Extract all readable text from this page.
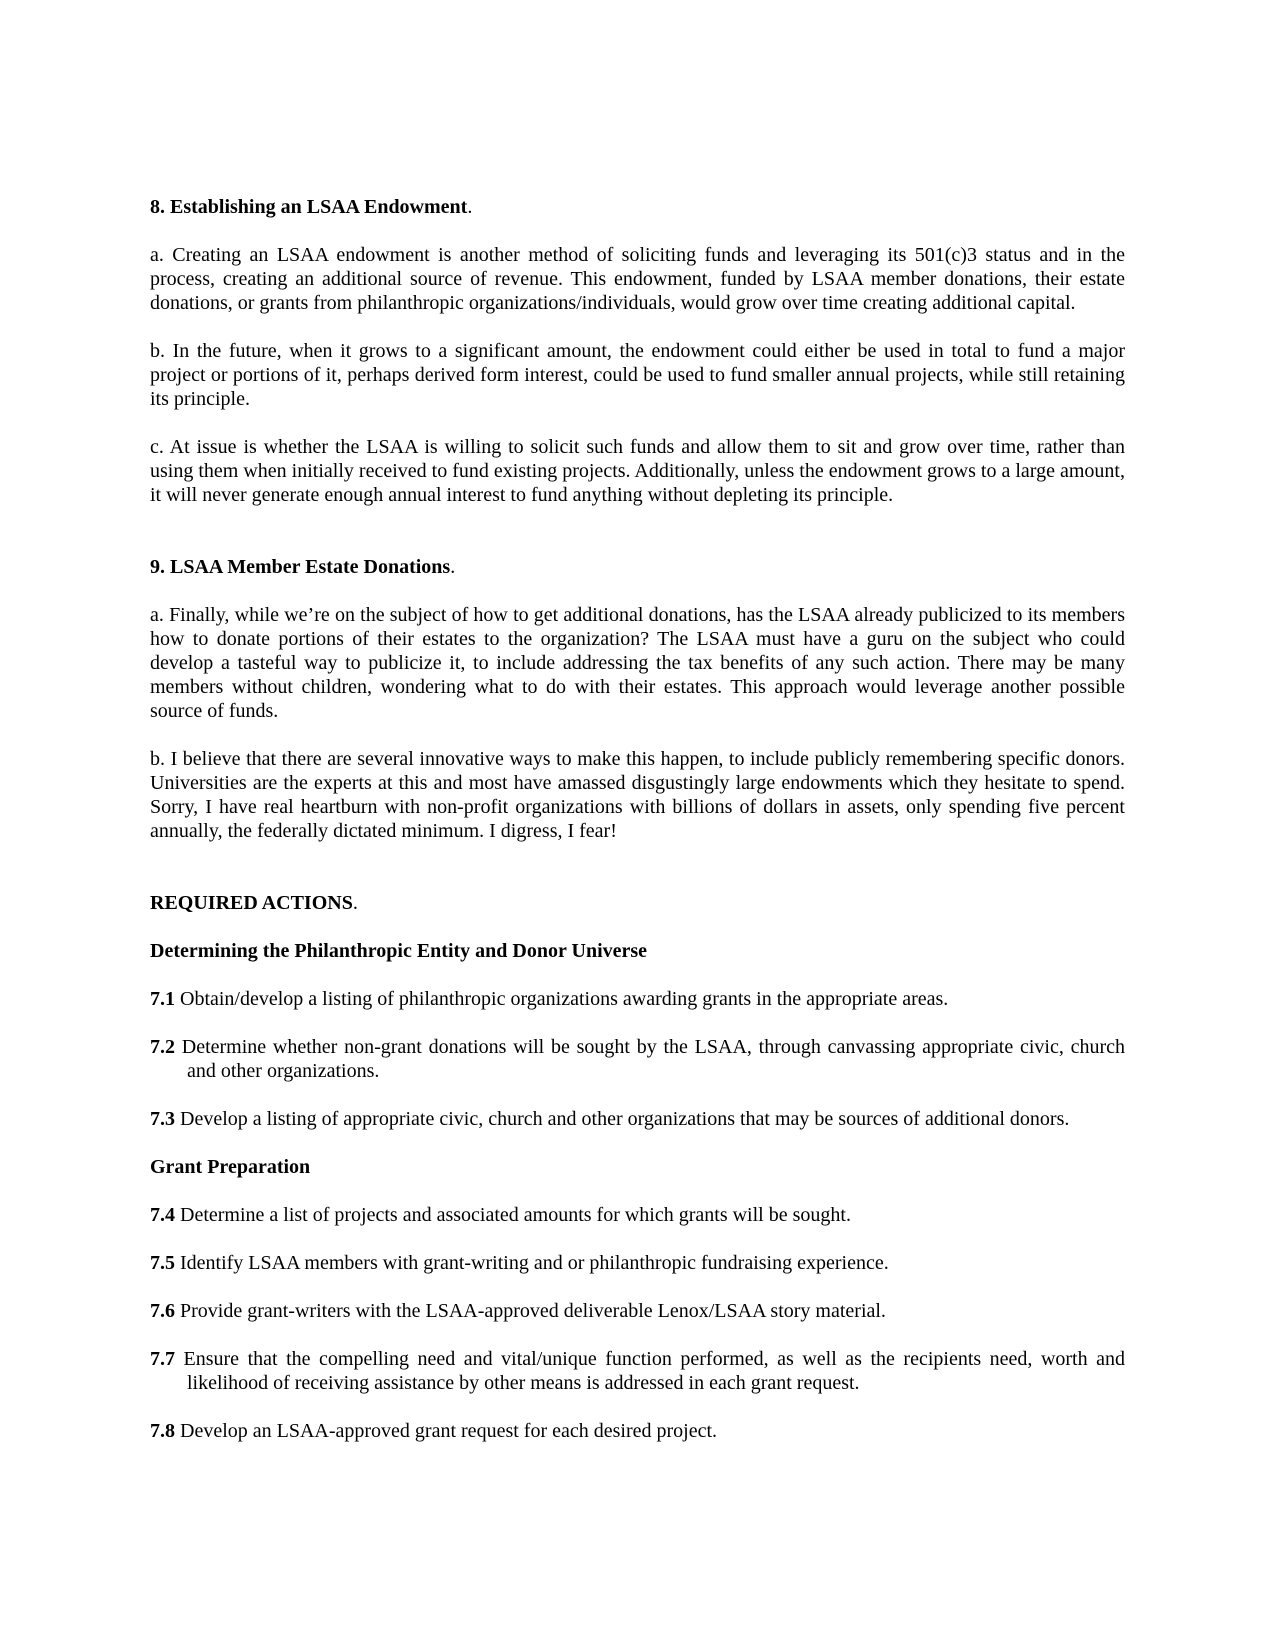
8. Establishing an LSAA Endowment.

a. Creating an LSAA endowment is another method of soliciting funds and leveraging its 501(c)3 status and in the process, creating an additional source of revenue. This endowment, funded by LSAA member donations, their estate donations, or grants from philanthropic organizations/individuals, would grow over time creating additional capital.

b. In the future, when it grows to a significant amount, the endowment could either be used in total to fund a major project or portions of it, perhaps derived form interest, could be used to fund smaller annual projects, while still retaining its principle.

c. At issue is whether the LSAA is willing to solicit such funds and allow them to sit and grow over time, rather than using them when initially received to fund existing projects. Additionally, unless the endowment grows to a large amount, it will never generate enough annual interest to fund anything without depleting its principle.

9. LSAA Member Estate Donations.

a. Finally, while we’re on the subject of how to get additional donations, has the LSAA already publicized to its members how to donate portions of their estates to the organization? The LSAA must have a guru on the subject who could develop a tasteful way to publicize it, to include addressing the tax benefits of any such action. There may be many members without children, wondering what to do with their estates. This approach would leverage another possible source of funds.

b. I believe that there are several innovative ways to make this happen, to include publicly remembering specific donors. Universities are the experts at this and most have amassed disgustingly large endowments which they hesitate to spend. Sorry, I have real heartburn with non-profit organizations with billions of dollars in assets, only spending five percent annually, the federally dictated minimum. I digress, I fear!

REQUIRED ACTIONS.
Determining the Philanthropic Entity and Donor Universe
7.1 Obtain/develop a listing of philanthropic organizations awarding grants in the appropriate areas.
7.2 Determine whether non-grant donations will be sought by the LSAA, through canvassing appropriate civic, church and other organizations.
7.3 Develop a listing of appropriate civic, church and other organizations that may be sources of additional donors.
Grant Preparation
7.4 Determine a list of projects and associated amounts for which grants will be sought.
7.5 Identify LSAA members with grant-writing and or philanthropic fundraising experience.
7.6 Provide grant-writers with the LSAA-approved deliverable Lenox/LSAA story material.
7.7 Ensure that the compelling need and vital/unique function performed, as well as the recipients need, worth and likelihood of receiving assistance by other means is addressed in each grant request.
7.8 Develop an LSAA-approved grant request for each desired project.
